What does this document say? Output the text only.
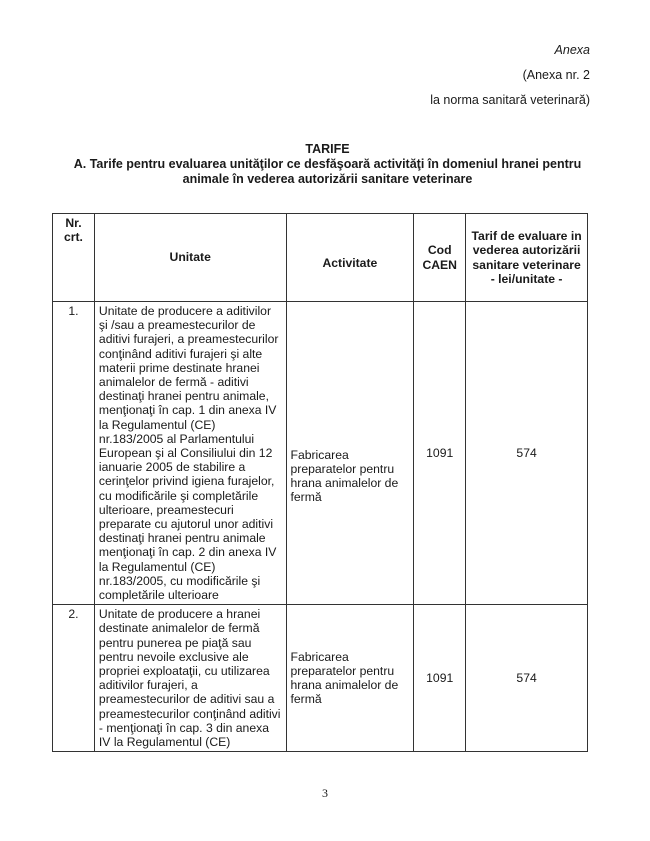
Anexa
(Anexa nr. 2
la norma sanitară veterinară)
TARIFE
A. Tarife pentru evaluarea unităţilor ce desfăşoară activităţi în domeniul hranei pentru animale în vederea autorizării sanitare veterinare
Nr. crt.	Unitate	Activitate	Cod CAEN	Tarif de evaluare in vederea autorizării sanitare veterinare - lei/unitate -
1.	Unitate de producere a aditivilor şi /sau a preamestecurilor de aditivi furajeri, a preamestecurilor conţinând aditivi furajeri şi alte materii prime destinate hranei animalelor de fermă - aditivi destinaţi hranei pentru animale, menţionaţi în cap. 1 din anexa IV la Regulamentul (CE) nr.183/2005 al Parlamentului European şi al Consiliului din 12 ianuarie 2005 de stabilire a cerinţelor privind igiena furajelor, cu modificările şi completările ulterioare, preamestecuri preparate cu ajutorul unor aditivi destinaţi hranei pentru animale menţionaţi în cap. 2 din anexa IV la Regulamentul (CE) nr.183/2005, cu modificările şi completările ulterioare	Fabricarea preparatelor pentru hrana animalelor de fermă	1091	574
2.	Unitate de producere a hranei destinate animalelor de fermă pentru punerea pe piaţă sau pentru nevoile exclusive ale propriei exploataţii, cu utilizarea aditivilor furajeri, a preamestecurilor de aditivi sau a preamestecurilor conţinând aditivi - menţionaţi în cap. 3 din anexa IV la Regulamentul (CE)	Fabricarea preparatelor pentru hrana animalelor de fermă	1091	574
3
